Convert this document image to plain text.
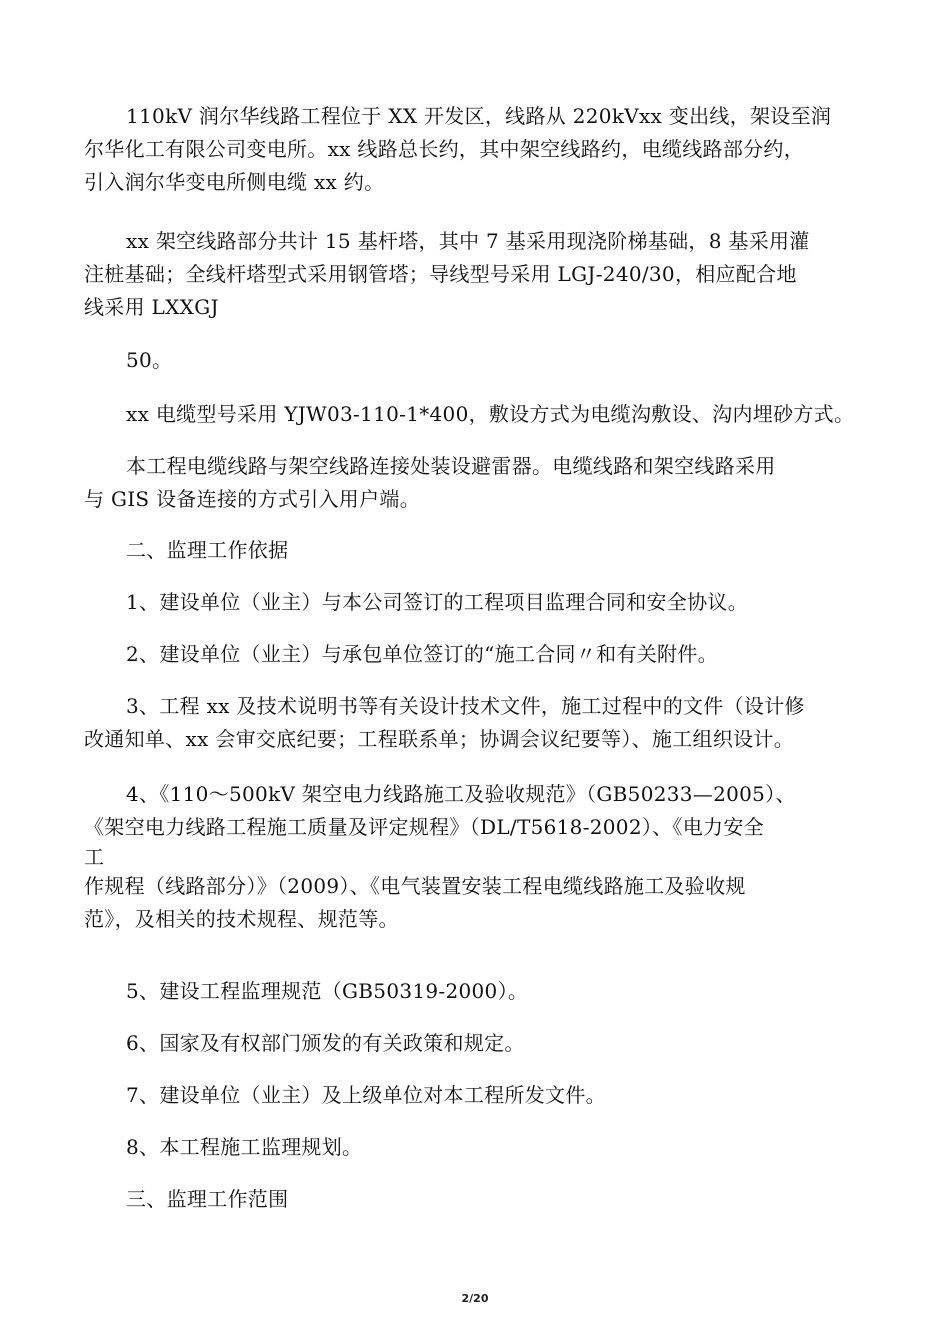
110kV 润尔华线路工程位于 XX 开发区，线路从 220kVxx 变出线，架设至润
尔华化工有限公司变电所。xx 线路总长约，其中架空线路约，电缆线路部分约，
引入润尔华变电所侧电缆 xx 约。
xx 架空线路部分共计 15 基杆塔，其中 7 基采用现浇阶梯基础，8 基采用灌
注桩基础；全线杆塔型式采用钢管塔；导线型号采用 LGJ-240/30，相应配合地
线采用 LXXGJ
50。
xx 电缆型号采用 YJW03-110-1*400，敷设方式为电缆沟敷设、沟内埋砂方式。
本工程电缆线路与架空线路连接处装设避雷器。电缆线路和架空线路采用
与 GIS 设备连接的方式引入用户端。
二、监理工作依据
1、建设单位（业主）与本公司签订的工程项目监理合同和安全协议。
2、建设单位（业主）与承包单位签订的“施工合同〃和有关附件。
3、工程 xx 及技术说明书等有关设计技术文件，施工过程中的文件（设计修
改通知单、xx 会审交底纪要；工程联系单；协调会议纪要等）、施工组织设计。
4、《110〜500kV 架空电力线路施工及验收规范》（GB50233—2005）、
《架空电力线路工程施工质量及评定规程》（DL/T5618-2002）、《电力安全
工
作规程（线路部分）》（2009）、《电气装置安装工程电缆线路施工及验收规
范》，及相关的技术规程、规范等。
5、建设工程监理规范（GB50319-2000）。
6、国家及有权部门颁发的有关政策和规定。
7、建设单位（业主）及上级单位对本工程所发文件。
8、本工程施工监理规划。
三、监理工作范围
2/20
